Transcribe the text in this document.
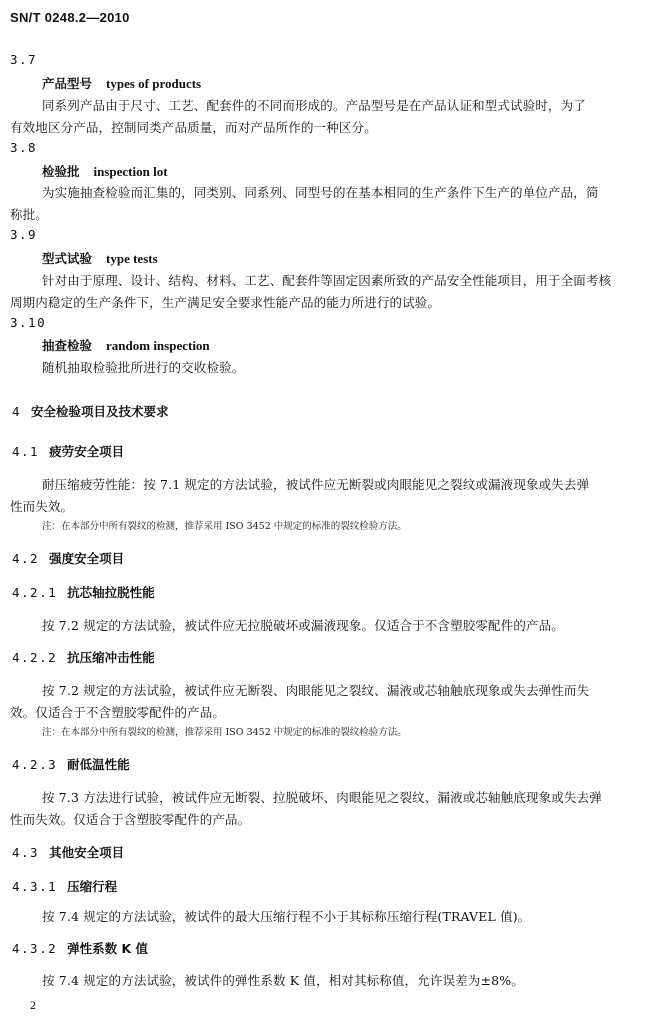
SN/T 0248.2—2010
3.7
产品型号 types of products
同系列产品由于尺寸、工艺、配套件的不同而形成的。产品型号是在产品认证和型式试验时，为了
有效地区分产品，控制同类产品质量，而对产品所作的一种区分。
3.8
检验批 inspection lot
为实施抽查检验而汇集的，同类别、同系列、同型号的在基本相同的生产条件下生产的单位产品，简
称批。
3.9
型式试验 type tests
针对由于原理、设计、结构、材料、工艺、配套件等固定因素所致的产品安全性能项目，用于全面考核
周期内稳定的生产条件下，生产满足安全要求性能产品的能力所进行的试验。
3.10
抽查检验 random inspection
随机抽取检验批所进行的交收检验。
4 安全检验项目及技术要求
4.1 疲劳安全项目
耐压缩疲劳性能：按 7.1 规定的方法试验，被试件应无断裂或肉眼能见之裂纹或漏液现象或失去弹
性而失效。
注：在本部分中所有裂纹的检测，推荐采用 ISO 3452 中规定的标准的裂纹检验方法。
4.2 强度安全项目
4.2.1 抗芯轴拉脱性能
按 7.2 规定的方法试验，被试件应无拉脱破坏或漏液现象。仅适合于不含塑胶零配件的产品。
4.2.2 抗压缩冲击性能
按 7.2 规定的方法试验，被试件应无断裂、肉眼能见之裂纹、漏液或芯轴触底现象或失去弹性而失
效。仅适合于不含塑胶零配件的产品。
注：在本部分中所有裂纹的检测，推荐采用 ISO 3452 中规定的标准的裂纹检验方法。
4.2.3 耐低温性能
按 7.3 方法进行试验，被试件应无断裂、拉脱破坏、肉眼能见之裂纹、漏液或芯轴触底现象或失去弹
性而失效。仅适合于含塑胶零配件的产品。
4.3 其他安全项目
4.3.1 压缩行程
按 7.4 规定的方法试验，被试件的最大压缩行程不小于其标称压缩行程(TRAVEL 值)。
4.3.2 弹性系数 K 值
按 7.4 规定的方法试验，被试件的弹性系数 K 值，相对其标称值，允许误差为±8%。
2
